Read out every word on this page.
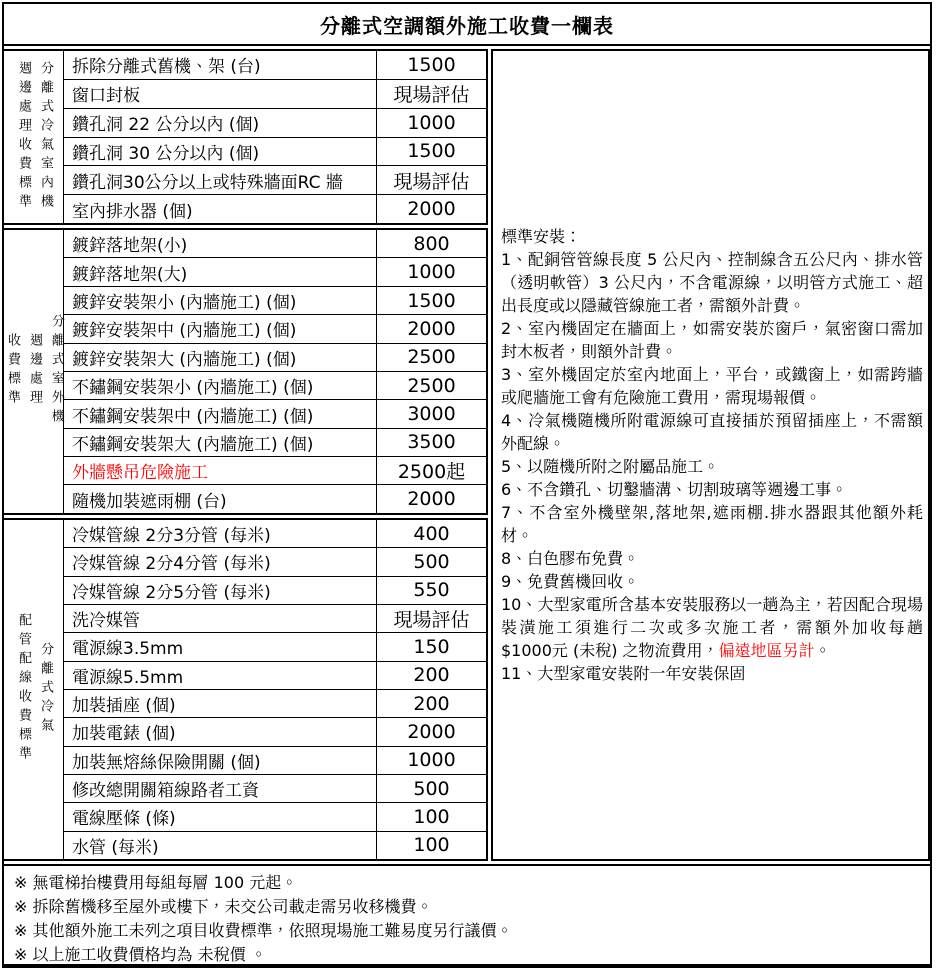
分離式空調額外施工收費一欄表
週邊處理收費標準 分離式冷氣室內機	拆除分離式舊機、架 (台)	1500
窗口封板	現場評估
鑽孔洞 22 公分以內 (個)	1000
鑽孔洞 30 公分以內 (個)	1500
鑽孔洞30公分以上或特殊牆面RC 牆	現場評估
室內排水器 (個)	2000
收費標準 週邊處理 分離式室外機
鍍鋅落地架(小)	800
鍍鋅落地架(大)	1000
鍍鋅安裝架小 (內牆施工) (個)	1500
鍍鋅安裝架中 (內牆施工) (個)	2000
鍍鋅安裝架大 (內牆施工) (個)	2500
不鏽鋼安裝架小 (內牆施工) (個)	2500
不鏽鋼安裝架中 (內牆施工) (個)	3000
不鏽鋼安裝架大 (內牆施工) (個)	3500
外牆懸吊危險施工	2500起
隨機加裝遮雨棚 (台)	2000
配管配線收費標準 分離式冷氣
冷媒管線 2分3分管 (每米)	400
冷媒管線 2分4分管 (每米)	500
冷媒管線 2分5分管 (每米)	550
洗冷媒管	現場評估
電源線3.5mm	150
電源線5.5mm	200
加裝插座 (個)	200
加裝電錶 (個)	2000
加裝無熔絲保險開關 (個)	1000
修改總開關箱線路者工資	500
電線壓條 (條)	100
水管 (每米)	100
標準安裝：
1、配銅管管線長度 5 公尺內、控制線含五公尺內、排水管（透明軟管）3 公尺內，不含電源線，以明管方式施工、超出長度或以隱藏管線施工者，需額外計費。
2、室內機固定在牆面上，如需安裝於窗戶，氣密窗口需加封木板者，則額外計費。
3、室外機固定於室內地面上，平台，或鐵窗上，如需跨牆或爬牆施工會有危險施工費用，需現場報價。
4、冷氣機隨機所附電源線可直接插於預留插座上，不需額外配線。
5、以隨機所附之附屬品施工。
6、不含鑽孔、切鑿牆溝、切割玻璃等週邊工事。
7、不含室外機壁架,落地架,遮雨棚.排水器跟其他額外耗材。
8、白色膠布免費。
9、免費舊機回收。
10、大型家電所含基本安裝服務以一趟為主，若因配合現場裝潢施工須進行二次或多次施工者，需額外加收每趟 $1000元 (未稅) 之物流費用，偏遠地區另計。
11、大型家電安裝附一年安裝保固
※ 無電梯抬樓費用每組每層 100 元起。
※ 拆除舊機移至屋外或樓下，未交公司載走需另收移機費。
※ 其他額外施工未列之項目收費標準，依照現場施工難易度另行議價。
※ 以上施工收費價格均為 未稅價 。
